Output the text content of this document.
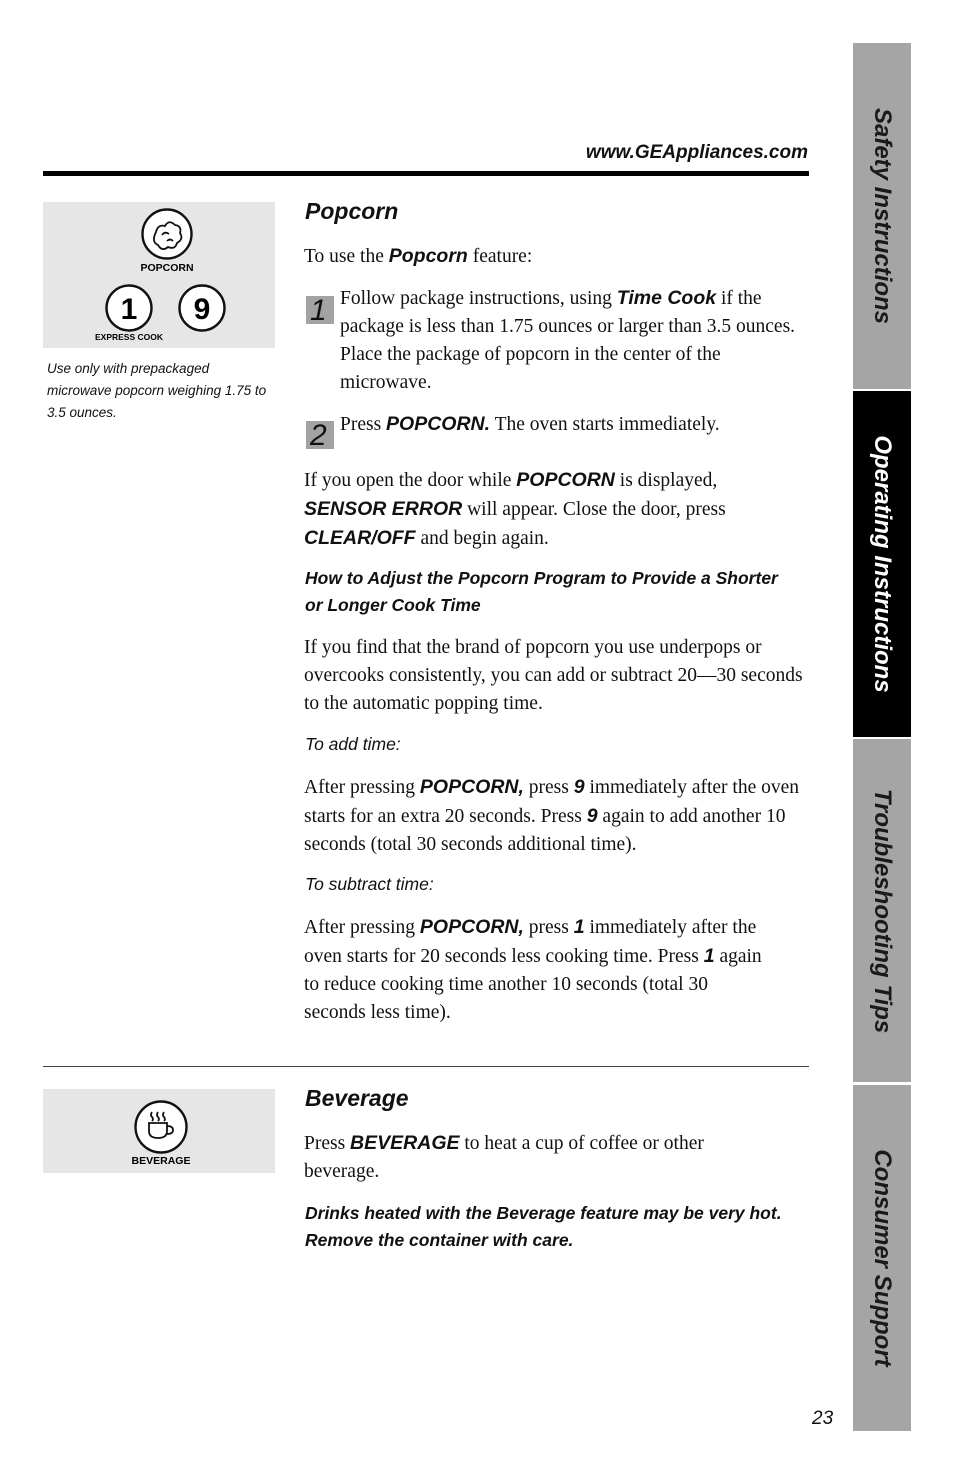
www.GEAppliances.com
POPCORN
1 9
EXPRESS COOK
Use only with prepackaged microwave popcorn weighing 1.75 to 3.5 ounces.
Popcorn
To use the Popcorn feature:
1 Follow package instructions, using Time Cook if the package is less than 1.75 ounces or larger than 3.5 ounces. Place the package of popcorn in the center of the microwave.
2 Press POPCORN. The oven starts immediately.
If you open the door while POPCORN is displayed, SENSOR ERROR will appear. Close the door, press CLEAR/OFF and begin again.
How to Adjust the Popcorn Program to Provide a Shorter or Longer Cook Time
If you find that the brand of popcorn you use underpops or overcooks consistently, you can add or subtract 20—30 seconds to the automatic popping time.
To add time:
After pressing POPCORN, press 9 immediately after the oven starts for an extra 20 seconds. Press 9 again to add another 10 seconds (total 30 seconds additional time).
To subtract time:
After pressing POPCORN, press 1 immediately after the oven starts for 20 seconds less cooking time. Press 1 again to reduce cooking time another 10 seconds (total 30 seconds less time).
BEVERAGE
Beverage
Press BEVERAGE to heat a cup of coffee or other beverage.
Drinks heated with the Beverage feature may be very hot. Remove the container with care.
Safety Instructions
Operating Instructions
Troubleshooting Tips
Consumer Support
23
